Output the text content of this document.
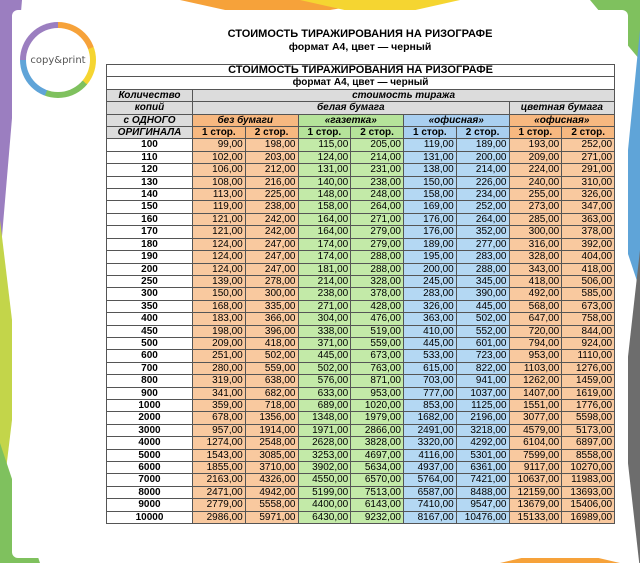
copy&print
СТОИМОСТЬ ТИРАЖИРОВАНИЯ НА РИЗОГРАФЕ
формат А4, цвет — черный
СТОИМОСТЬ ТИРАЖИРОВАНИЯ НА РИЗОГРАФЕ								
формат А4, цвет — черный								
Количество	стоимость тиража							
копий	белая бумага						цветная бумага	
с ОДНОГО	без бумаги		«газетка»		«офисная»		«офисная»	
ОРИГИНАЛА	1 стор.	2 стор.	1 стор.	2 стор.	1 стор.	2 стор.	1 стор.	2 стор.
100	99,00	198,00	115,00	205,00	119,00	189,00	193,00	252,00
110	102,00	203,00	124,00	214,00	131,00	200,00	209,00	271,00
120	106,00	212,00	131,00	231,00	138,00	214,00	224,00	291,00
130	108,00	216,00	140,00	238,00	150,00	226,00	240,00	310,00
140	113,00	225,00	148,00	248,00	158,00	234,00	255,00	326,00
150	119,00	238,00	158,00	264,00	169,00	252,00	273,00	347,00
160	121,00	242,00	164,00	271,00	176,00	264,00	285,00	363,00
170	121,00	242,00	164,00	279,00	176,00	352,00	300,00	378,00
180	124,00	247,00	174,00	279,00	189,00	277,00	316,00	392,00
190	124,00	247,00	174,00	288,00	195,00	283,00	328,00	404,00
200	124,00	247,00	181,00	288,00	200,00	288,00	343,00	418,00
250	139,00	278,00	214,00	328,00	245,00	345,00	418,00	506,00
300	150,00	300,00	238,00	378,00	283,00	390,00	492,00	585,00
350	168,00	335,00	271,00	428,00	326,00	445,00	568,00	673,00
400	183,00	366,00	304,00	476,00	363,00	502,00	647,00	758,00
450	198,00	396,00	338,00	519,00	410,00	552,00	720,00	844,00
500	209,00	418,00	371,00	559,00	445,00	601,00	794,00	924,00
600	251,00	502,00	445,00	673,00	533,00	723,00	953,00	1110,00
700	280,00	559,00	502,00	763,00	615,00	822,00	1103,00	1276,00
800	319,00	638,00	576,00	871,00	703,00	941,00	1262,00	1459,00
900	341,00	682,00	633,00	953,00	777,00	1037,00	1407,00	1619,00
1000	359,00	718,00	689,00	1020,00	853,00	1125,00	1551,00	1776,00
2000	678,00	1356,00	1348,00	1979,00	1682,00	2196,00	3077,00	5598,00
3000	957,00	1914,00	1971,00	2866,00	2491,00	3218,00	4579,00	5173,00
4000	1274,00	2548,00	2628,00	3828,00	3320,00	4292,00	6104,00	6897,00
5000	1543,00	3085,00	3253,00	4697,00	4116,00	5301,00	7599,00	8558,00
6000	1855,00	3710,00	3902,00	5634,00	4937,00	6361,00	9117,00	10270,00
7000	2163,00	4326,00	4550,00	6570,00	5764,00	7421,00	10637,00	11983,00
8000	2471,00	4942,00	5199,00	7513,00	6587,00	8488,00	12159,00	13693,00
9000	2779,00	5558,00	4400,00	6143,00	7410,00	9547,00	13679,00	15406,00
10000	2986,00	5971,00	6430,00	9232,00	8167,00	10476,00	15133,00	16989,00
